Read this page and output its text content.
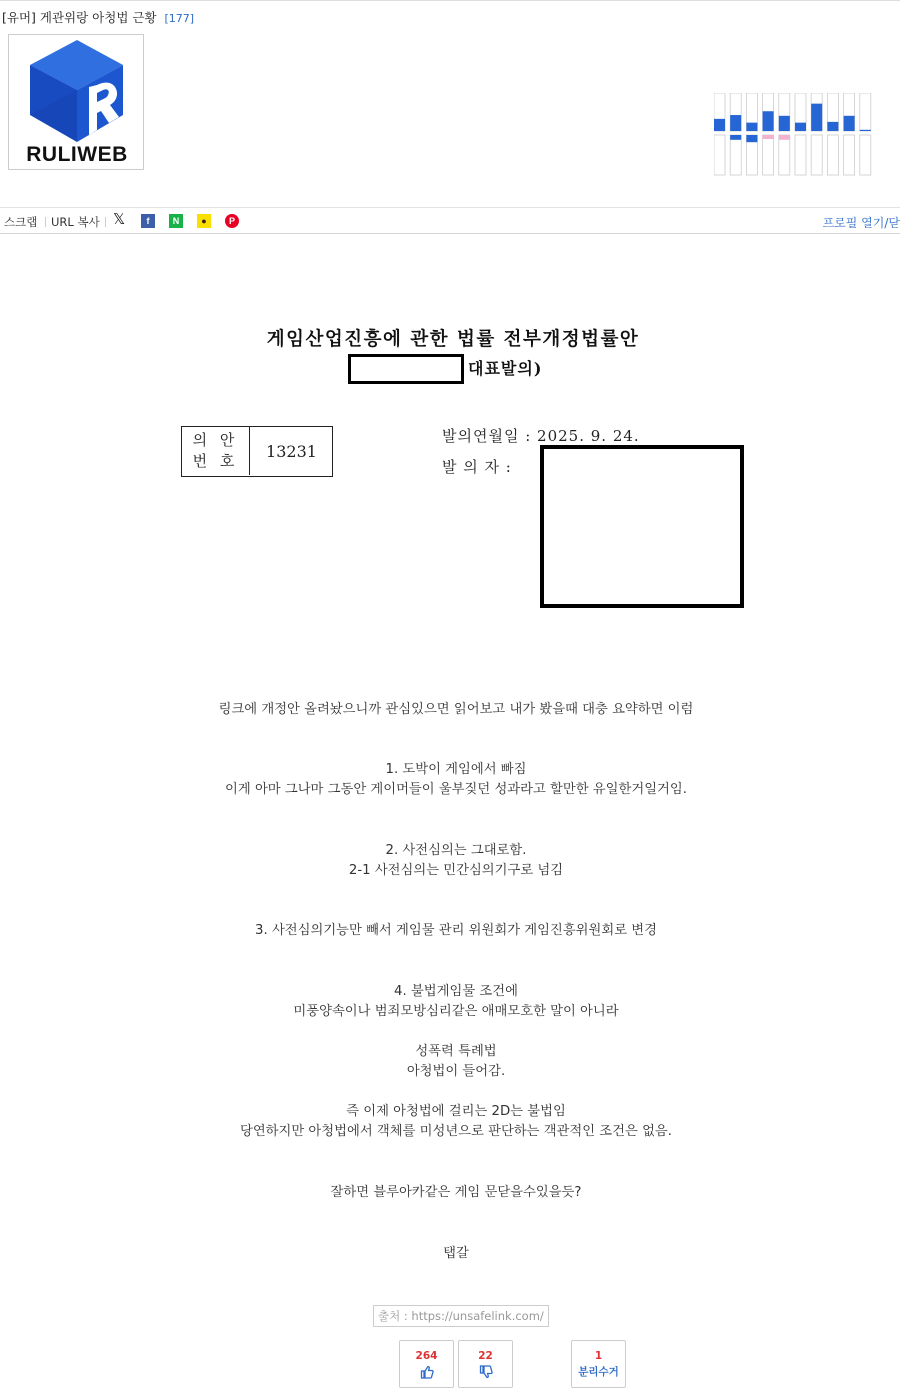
[유머] 게관위랑 아청법 근황 [177]
RULIWEB
스크랩 URL 복사 𝕏	f	N	●	P	프로필 열기/닫
게임산업진흥에 관한 법률 전부개정법률안
대표발의)
의 안
번 호
13231
발의연월일 : 2025. 9. 24.
발 의 자 :
링크에 개정안 올려놨으니까 관심있으면 읽어보고 내가 봤을때 대충 요약하면 이럼
1. 도박이 게임에서 빠짐
이게 아마 그나마 그동안 게이머들이 울부짖던 성과라고 할만한 유일한거일거임.
2. 사전심의는 그대로함.
2-1 사전심의는 민간심의기구로 넘김
3. 사전심의기능만 빼서 게임물 관리 위원회가 게임진흥위원회로 변경
4. 불법게임물 조건에
미풍양속이나 범죄모방심리같은 애매모호한 말이 아니라
성폭력 특례법
아청법이 들어감.
즉 이제 아청법에 걸리는 2D는 불법임
당연하지만 아청법에서 객체를 미성년으로 판단하는 객관적인 조건은 없음.
잘하면 블루아카같은 게임 문닫을수있을듯?
탭갈
출처 : https://unsafelink.com/
264	22	1
분리수거
